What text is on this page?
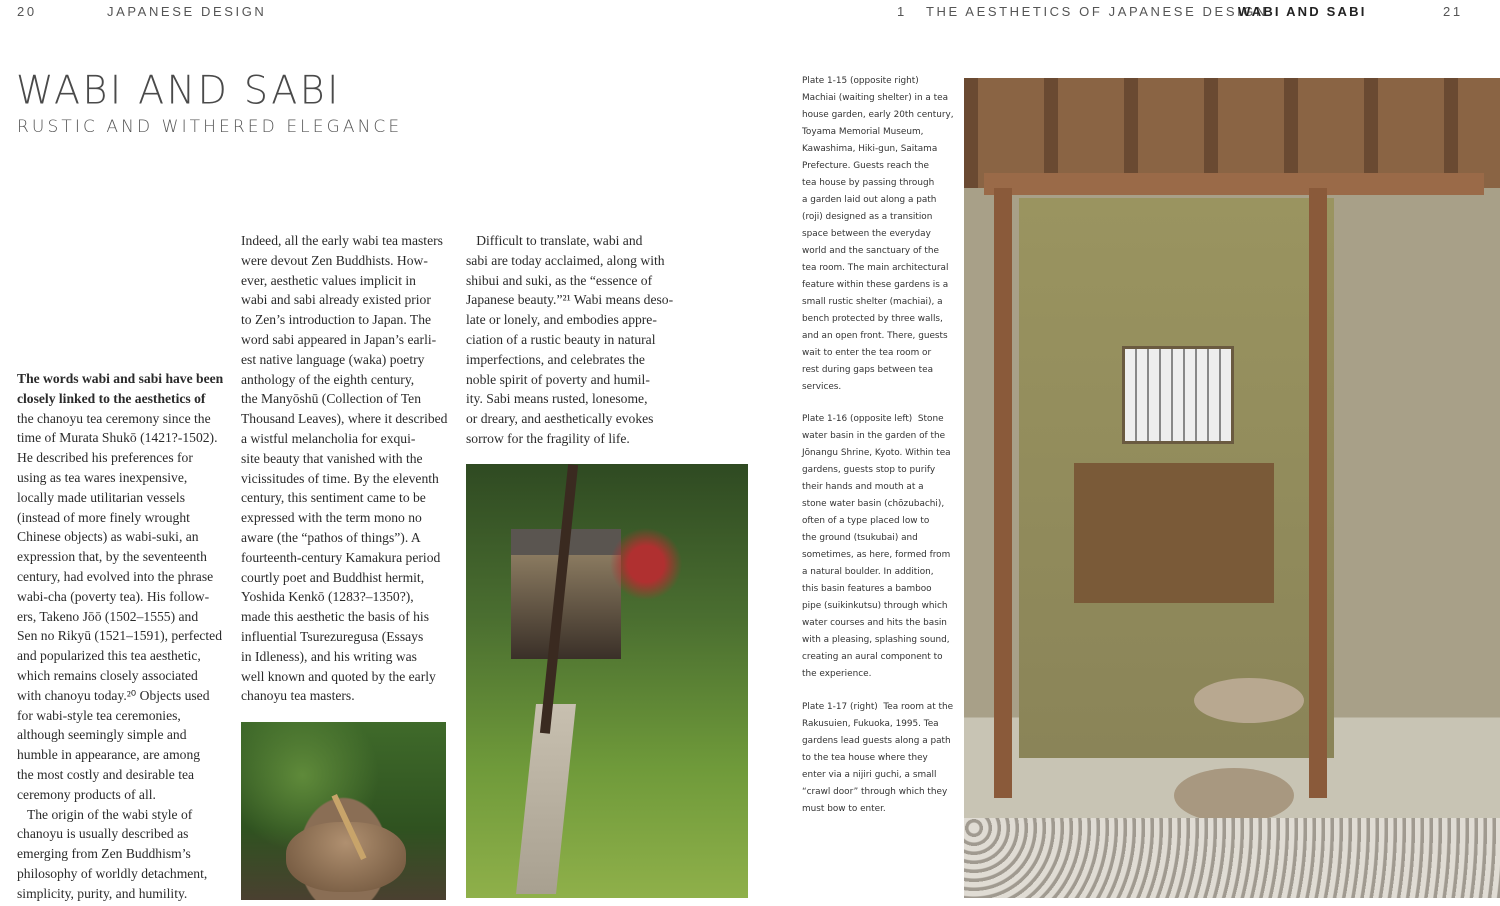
20	JAPANESE DESIGN	1 THE AESTHETICS OF JAPANESE DESIGN
WABI AND SABI	21
WABI AND SABI
RUSTIC AND WITHERED ELEGANCE
The words wabi and sabi have been
closely linked to the aesthetics of
the chanoyu tea ceremony since the
time of Murata Shukō (1421?-1502).
He described his preferences for
using as tea wares inexpensive,
locally made utilitarian vessels
(instead of more finely wrought
Chinese objects) as wabi-suki, an
expression that, by the seventeenth
century, had evolved into the phrase
wabi-cha (poverty tea). His follow-
ers, Takeno Jōō (1502–1555) and
Sen no Rikyū (1521–1591), perfected
and popularized this tea aesthetic,
which remains closely associated
with chanoyu today.²⁰ Objects used
for wabi-style tea ceremonies,
although seemingly simple and
humble in appearance, are among
the most costly and desirable tea
ceremony products of all.
The origin of the wabi style of
chanoyu is usually described as
emerging from Zen Buddhism’s
philosophy of worldly detachment,
simplicity, purity, and humility.
Indeed, all the early wabi tea masters
were devout Zen Buddhists. How-
ever, aesthetic values implicit in
wabi and sabi already existed prior
to Zen’s introduction to Japan. The
word sabi appeared in Japan’s earli-
est native language (waka) poetry
anthology of the eighth century,
the Manyōshū (Collection of Ten
Thousand Leaves), where it described
a wistful melancholia for exqui-
site beauty that vanished with the
vicissitudes of time. By the eleventh
century, this sentiment came to be
expressed with the term mono no
aware (the “pathos of things”). A
fourteenth-century Kamakura period
courtly poet and Buddhist hermit,
Yoshida Kenkō (1283?–1350?),
made this aesthetic the basis of his
influential Tsurezuregusa (Essays
in Idleness), and his writing was
well known and quoted by the early
chanoyu tea masters.
Difficult to translate, wabi and
sabi are today acclaimed, along with
shibui and suki, as the “essence of
Japanese beauty.”²¹ Wabi means deso-
late or lonely, and embodies appre-
ciation of a rustic beauty in natural
imperfections, and celebrates the
noble spirit of poverty and humil-
ity. Sabi means rusted, lonesome,
or dreary, and aesthetically evokes
sorrow for the fragility of life.
Plate 1-15 (opposite right)
Machiai (waiting shelter) in a tea
house garden, early 20th century,
Toyama Memorial Museum,
Kawashima, Hiki-gun, Saitama
Prefecture. Guests reach the
tea house by passing through
a garden laid out along a path
(roji) designed as a transition
space between the everyday
world and the sanctuary of the
tea room. The main architectural
feature within these gardens is a
small rustic shelter (machiai), a
bench protected by three walls,
and an open front. There, guests
wait to enter the tea room or
rest during gaps between tea
services.
Plate 1-16 (opposite left)  Stone
water basin in the garden of the
Jōnangu Shrine, Kyoto. Within tea
gardens, guests stop to purify
their hands and mouth at a
stone water basin (chōzubachi),
often of a type placed low to
the ground (tsukubai) and
sometimes, as here, formed from
a natural boulder. In addition,
this basin features a bamboo
pipe (suikinkutsu) through which
water courses and hits the basin
with a pleasing, splashing sound,
creating an aural component to
the experience.
Plate 1-17 (right)  Tea room at the
Rakusuien, Fukuoka, 1995. Tea
gardens lead guests along a path
to the tea house where they
enter via a nijiri guchi, a small
“crawl door” through which they
must bow to enter.
